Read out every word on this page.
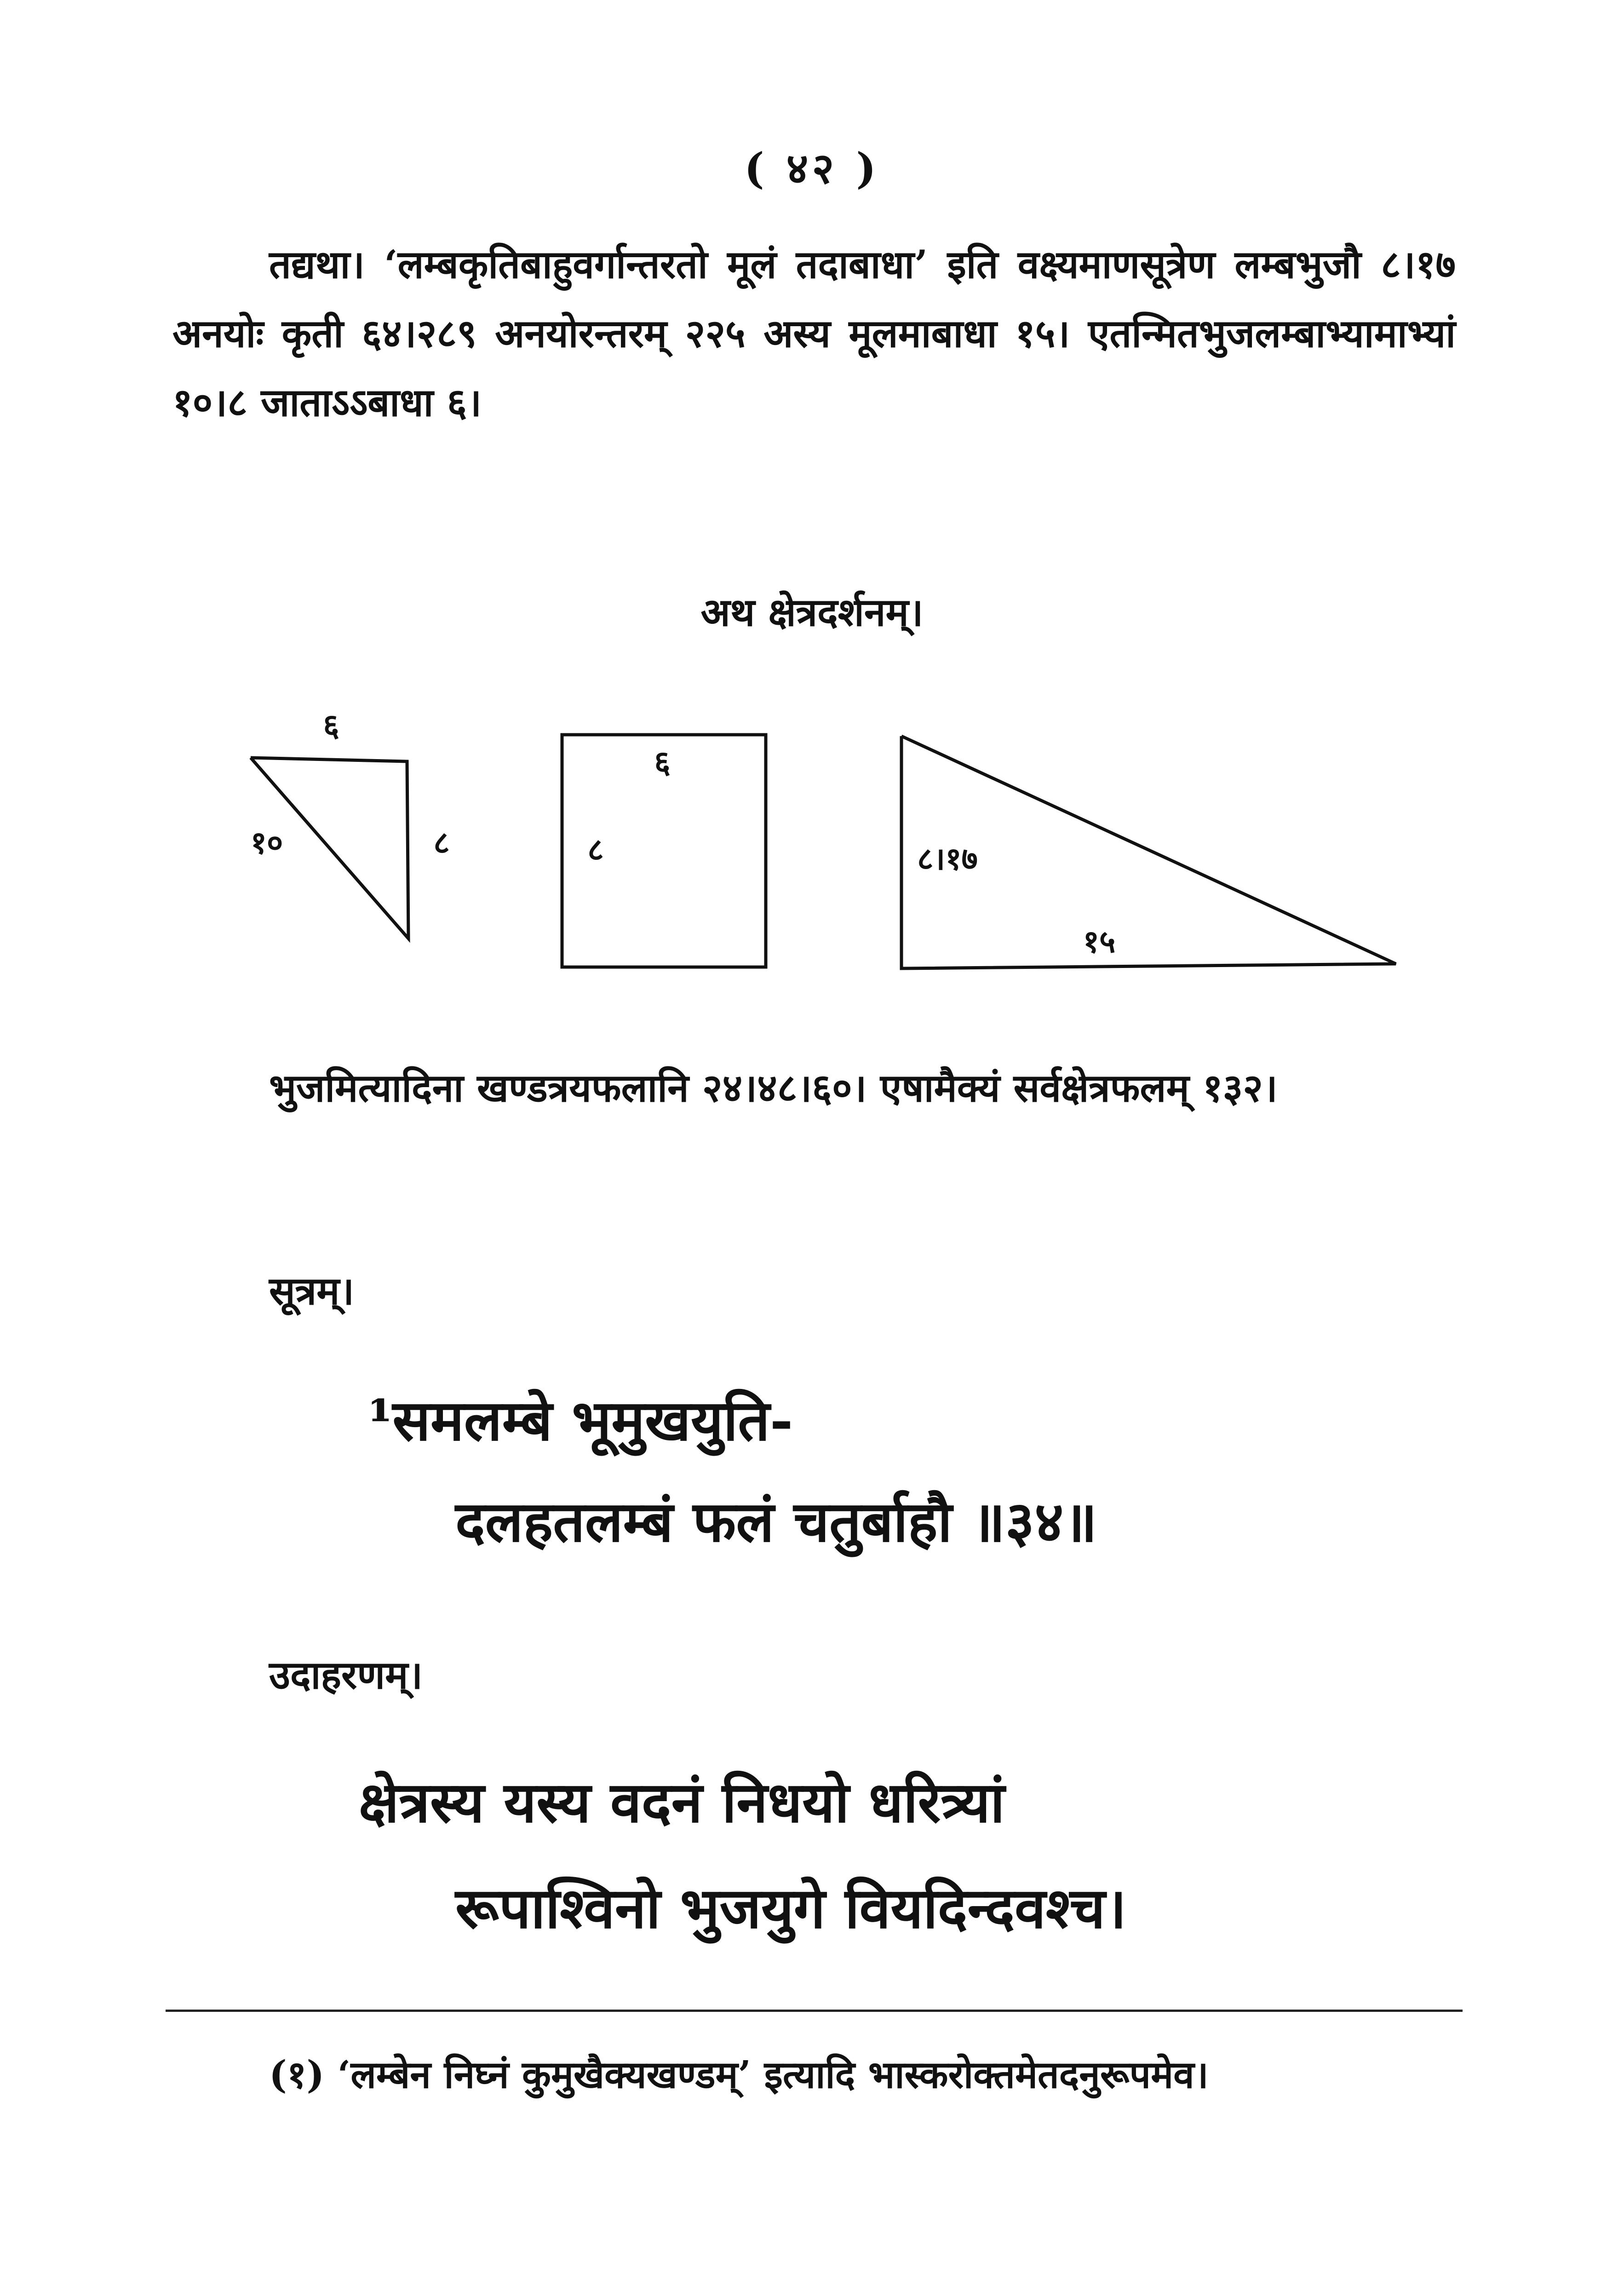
( ४२ )

तद्यथा। ‘लम्बकृतिबाहुवर्गान्तरतो मूलं तदाबाधा’ इति वक्ष्यमाणसूत्रेण लम्बभुजौ ८।१७ अनयोः कृती ६४।२८९ अनयोरन्तरम् २२५ अस्य मूलमाबाधा १५। एतन्मितभुजलम्बाभ्यामाभ्यां १०।८ जाताऽऽबाधा ६।

अथ क्षेत्रदर्शनम्।
६
१०	८
६
८	८।१७
१५

भुजमित्यादिना खण्डत्रयफलानि २४।४८।६०। एषामैक्यं सर्वक्षेत्रफलम् १३२।

सूत्रम्।
¹समलम्बे भूमुखयुति-
दलहतलम्बं फलं चतुर्बाहौ ॥३४॥
उदाहरणम्।
क्षेत्रस्य यस्य वदनं निधयो धरित्र्यां
रूपाश्विनो भुजयुगे वियदिन्दवश्च।

(१) ‘लम्बेन निघ्नं कुमुखैक्यखण्डम्’ इत्यादि भास्करोक्तमेतदनुरूपमेव।
